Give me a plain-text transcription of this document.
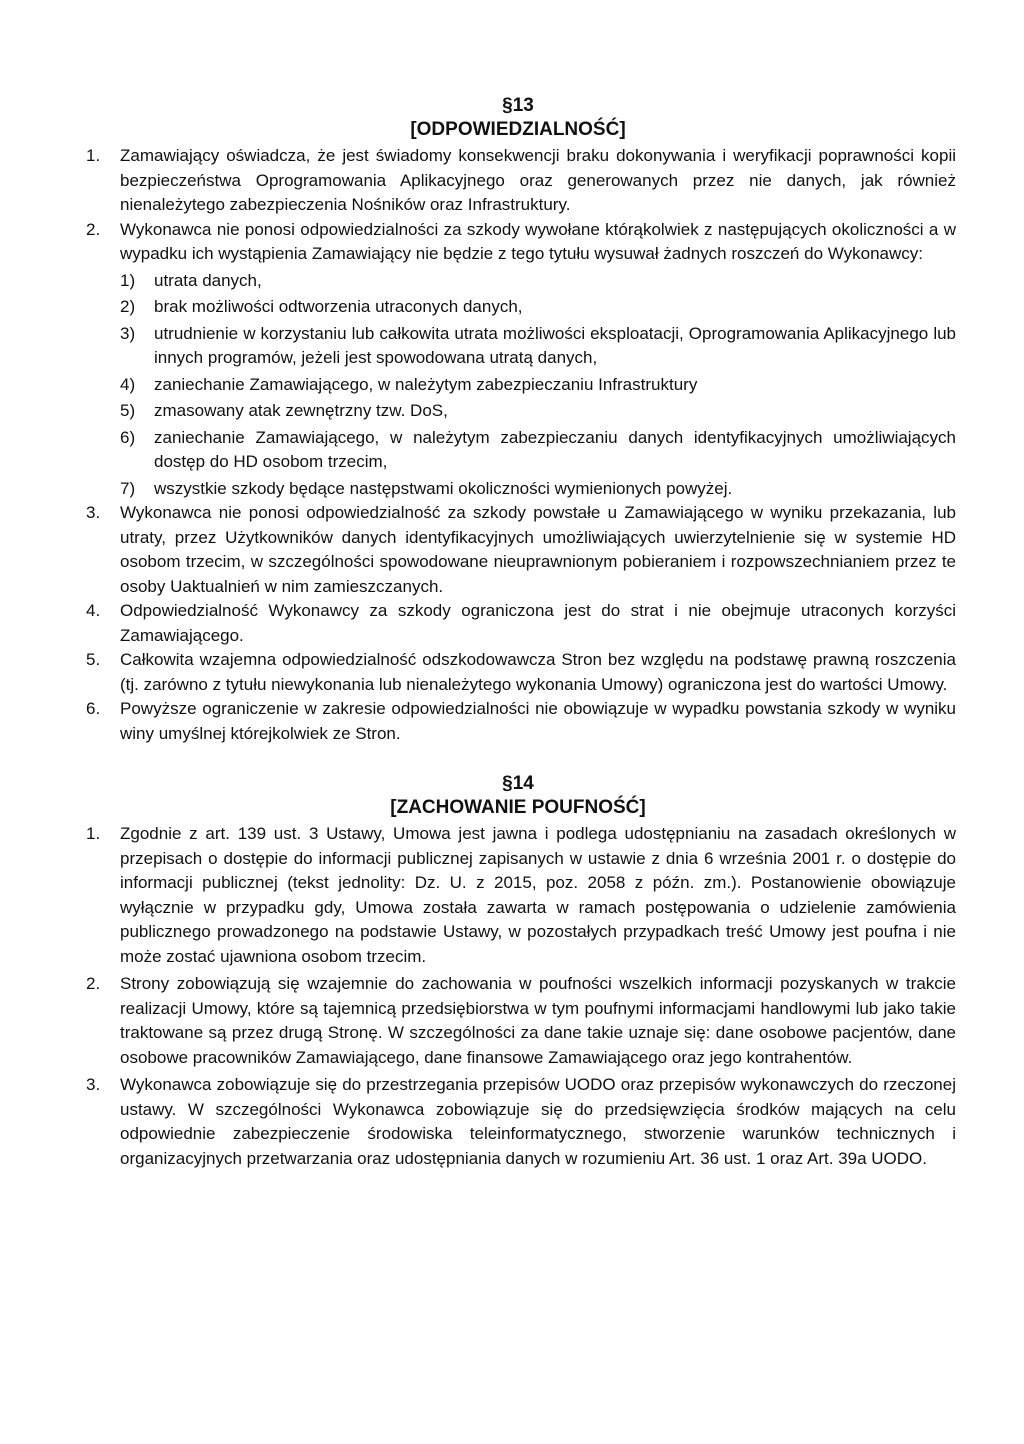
§13
[ODPOWIEDZIALNOŚĆ]
1. Zamawiający oświadcza, że jest świadomy konsekwencji braku dokonywania i weryfikacji poprawności kopii bezpieczeństwa Oprogramowania Aplikacyjnego oraz generowanych przez nie danych, jak również nienależytego zabezpieczenia Nośników oraz Infrastruktury.
2. Wykonawca nie ponosi odpowiedzialności za szkody wywołane którąkolwiek z następujących okoliczności a w wypadku ich wystąpienia Zamawiający nie będzie z tego tytułu wysuwał żadnych roszczeń do Wykonawcy:
1) utrata danych,
2) brak możliwości odtworzenia utraconych danych,
3) utrudnienie w korzystaniu lub całkowita utrata możliwości eksploatacji, Oprogramowania Aplikacyjnego lub innych programów, jeżeli jest spowodowana utratą danych,
4) zaniechanie Zamawiającego, w należytym zabezpieczaniu Infrastruktury
5) zmasowany atak zewnętrzny tzw. DoS,
6) zaniechanie Zamawiającego, w należytym zabezpieczaniu danych identyfikacyjnych umożliwiających dostęp do HD osobom trzecim,
7) wszystkie szkody będące następstwami okoliczności wymienionych powyżej.
3. Wykonawca nie ponosi odpowiedzialność za szkody powstałe u Zamawiającego w wyniku przekazania, lub utraty, przez Użytkowników danych identyfikacyjnych umożliwiających uwierzytelnienie się w systemie HD osobom trzecim, w szczególności spowodowane nieuprawnionym pobieraniem i rozpowszechnianiem przez te osoby Uaktualnień w nim zamieszczanych.
4. Odpowiedzialność Wykonawcy za szkody ograniczona jest do strat i nie obejmuje utraconych korzyści Zamawiającego.
5. Całkowita wzajemna odpowiedzialność odszkodowawcza Stron bez względu na podstawę prawną roszczenia (tj. zarówno z tytułu niewykonania lub nienależytego wykonania Umowy) ograniczona jest do wartości Umowy.
6. Powyższe ograniczenie w zakresie odpowiedzialności nie obowiązuje w wypadku powstania szkody w wyniku winy umyślnej którejkolwiek ze Stron.
§14
[ZACHOWANIE POUFNOŚĆ]
1. Zgodnie z art. 139 ust. 3 Ustawy, Umowa jest jawna i podlega udostępnianiu na zasadach określonych w przepisach o dostępie do informacji publicznej zapisanych w ustawie z dnia 6 września 2001 r. o dostępie do informacji publicznej (tekst jednolity: Dz. U. z 2015, poz. 2058 z późn. zm.). Postanowienie obowiązuje wyłącznie w przypadku gdy, Umowa została zawarta w ramach postępowania o udzielenie zamówienia publicznego prowadzonego na podstawie Ustawy, w pozostałych przypadkach treść Umowy jest poufna i nie może zostać ujawniona osobom trzecim.
2. Strony zobowiązują się wzajemnie do zachowania w poufności wszelkich informacji pozyskanych w trakcie realizacji Umowy, które są tajemnicą przedsiębiorstwa w tym poufnymi informacjami handlowymi lub jako takie traktowane są przez drugą Stronę. W szczególności za dane takie uznaje się: dane osobowe pacjentów, dane osobowe pracowników Zamawiającego, dane finansowe Zamawiającego oraz jego kontrahentów.
3. Wykonawca zobowiązuje się do przestrzegania przepisów UODO oraz przepisów wykonawczych do rzeczonej ustawy. W szczególności Wykonawca zobowiązuje się do przedsięwzięcia środków mających na celu odpowiednie zabezpieczenie środowiska teleinformatycznego, stworzenie warunków technicznych i organizacyjnych przetwarzania oraz udostępniania danych w rozumieniu Art. 36 ust. 1 oraz Art. 39a UODO.
